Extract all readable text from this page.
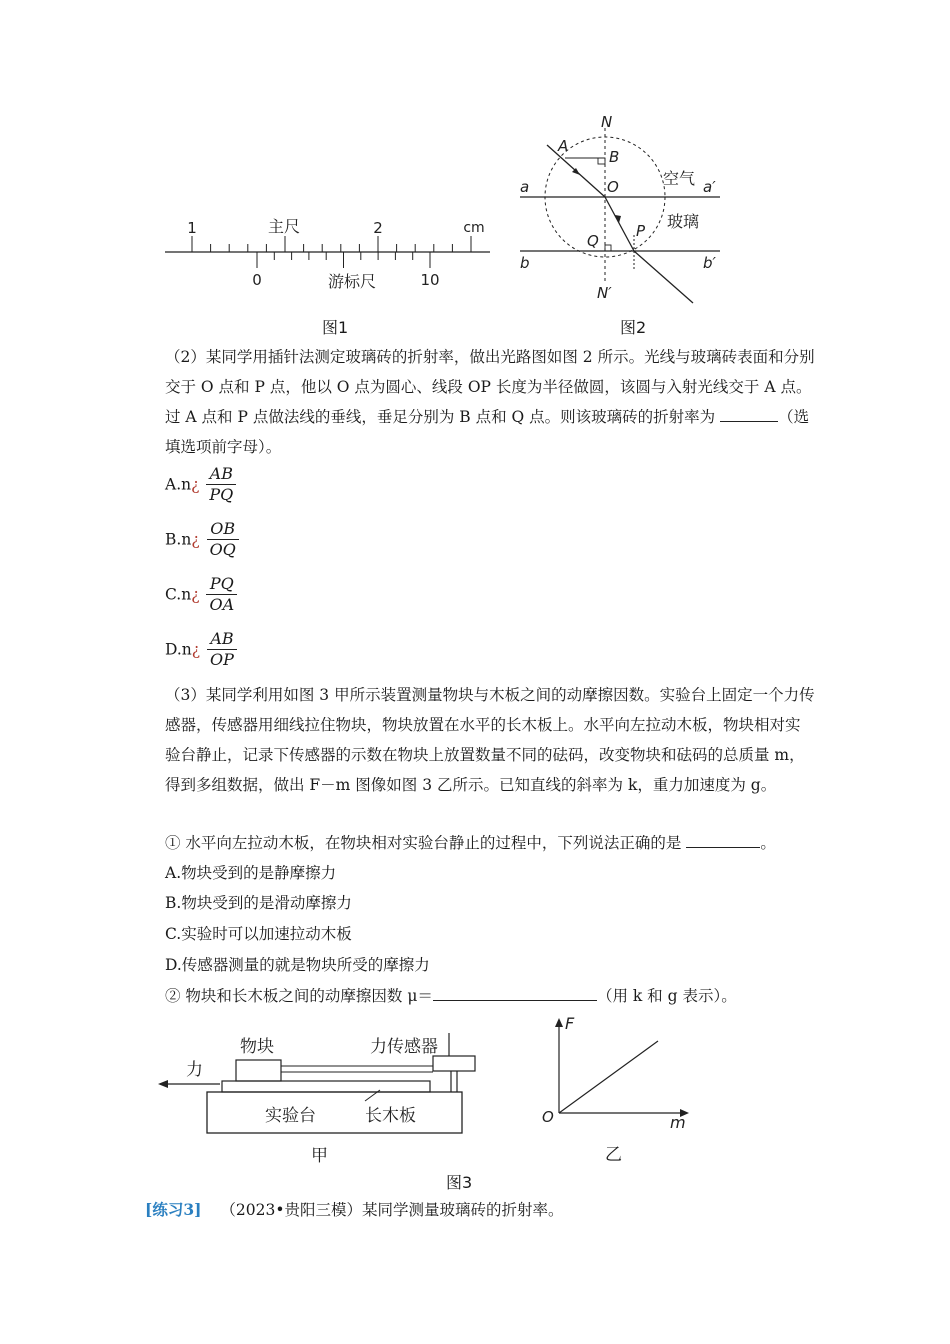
1	主尺	2	cm
0	游标尺	10
图1
N
A
B
O
a	a′
空气
玻璃
Q
P
b	b′
N′
图2

（2）某同学用插针法测定玻璃砖的折射率，做出光路图如图 2 所示。光线与玻璃砖表面和分别交于 O 点和 P 点，他以 O 点为圆心、线段 OP 长度为半径做圆，该圆与入射光线交于 A 点。过 A 点和 P 点做法线的垂线，垂足分别为 B 点和 Q 点。则该玻璃砖的折射率为	（选填选项前字母）。

A.n¿ $\frac{AB}{PQ}$
B.n¿ $\frac{OB}{OQ}$
C.n¿ $\frac{PQ}{OA}$
D.n¿ $\frac{AB}{OP}$

（3）某同学利用如图 3 甲所示装置测量物块与木板之间的动摩擦因数。实验台上固定一个力传感器，传感器用细线拉住物块，物块放置在水平的长木板上。水平向左拉动木板，物块相对实验台静止，记录下传感器的示数在物块上放置数量不同的砝码，改变物块和砝码的总质量 m，得到多组数据，做出 F－m 图像如图 3 乙所示。已知直线的斜率为 k，重力加速度为 g。

① 水平向左拉动木板，在物块相对实验台静止的过程中，下列说法正确的是	。
A.物块受到的是静摩擦力
B.物块受到的是滑动摩擦力
C.实验时可以加速拉动木板
D.传感器测量的就是物块所受的摩擦力
② 物块和长木板之间的动摩擦因数 μ＝	（用 k 和 g 表示）。
物块	力传感器
力
实验台	长木板
甲
F
O	m
乙
图3
[练习3] （2023•贵阳三模）某同学测量玻璃砖的折射率。
